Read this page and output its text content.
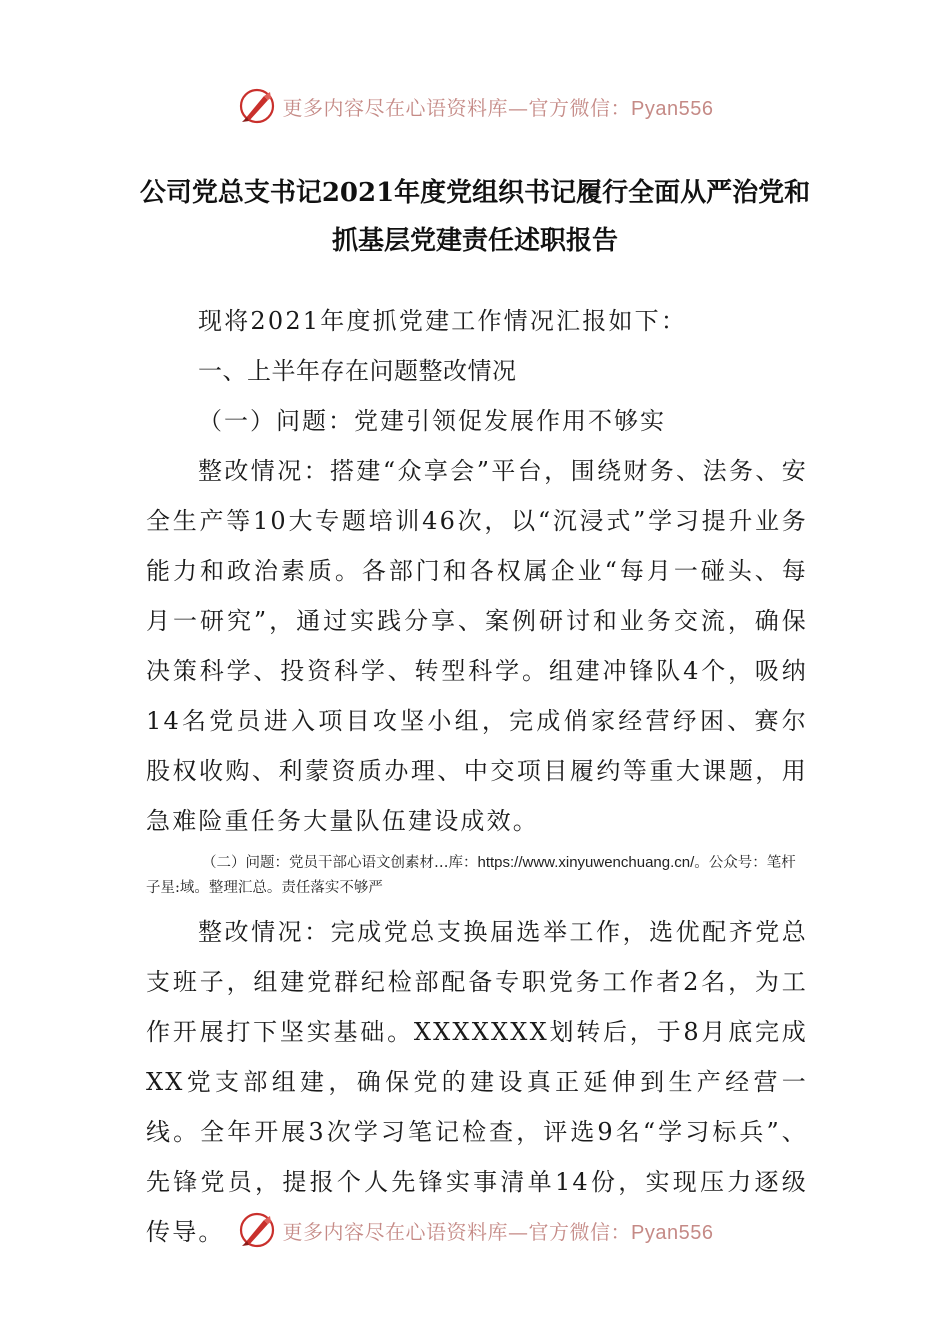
更多内容尽在心语资料库—官方微信：Pyan556
公司党总支书记2021年度党组织书记履行全面从严治党和
抓基层党建责任述职报告

现将2021年度抓党建工作情况汇报如下：

一、上半年存在问题整改情况

（一）问题：党建引领促发展作用不够实

整改情况：搭建“众享会”平台，围绕财务、法务、安全生产等10大专题培训46次，以“沉浸式”学习提升业务能力和政治素质。各部门和各权属企业“每月一碰头、每月一研究”，通过实践分享、案例研讨和业务交流，确保决策科学、投资科学、转型科学。组建冲锋队4个，吸纳14名党员进入项目攻坚小组，完成俏家经营纾困、赛尔股权收购、利蒙资质办理、中交项目履约等重大课题，用急难险重任务大量队伍建设成效。

（二）问题：党员干部心语文创素材…库：https://www.xinyuwenchuang.cn/。公众号：笔杆子星:域。整理汇总。责任落实不够严

整改情况：完成党总支换届选举工作，选优配齐党总支班子，组建党群纪检部配备专职党务工作者2名，为工作开展打下坚实基础。XXXXXXX划转后，于8月底完成XX党支部组建，确保党的建设真正延伸到生产经营一线。全年开展3次学习笔记检查，评选9名“学习标兵”、先锋党员，提报个人先锋实事清单14份，实现压力逐级传导。	更多内容尽在心语资料库—官方微信：Pyan556
